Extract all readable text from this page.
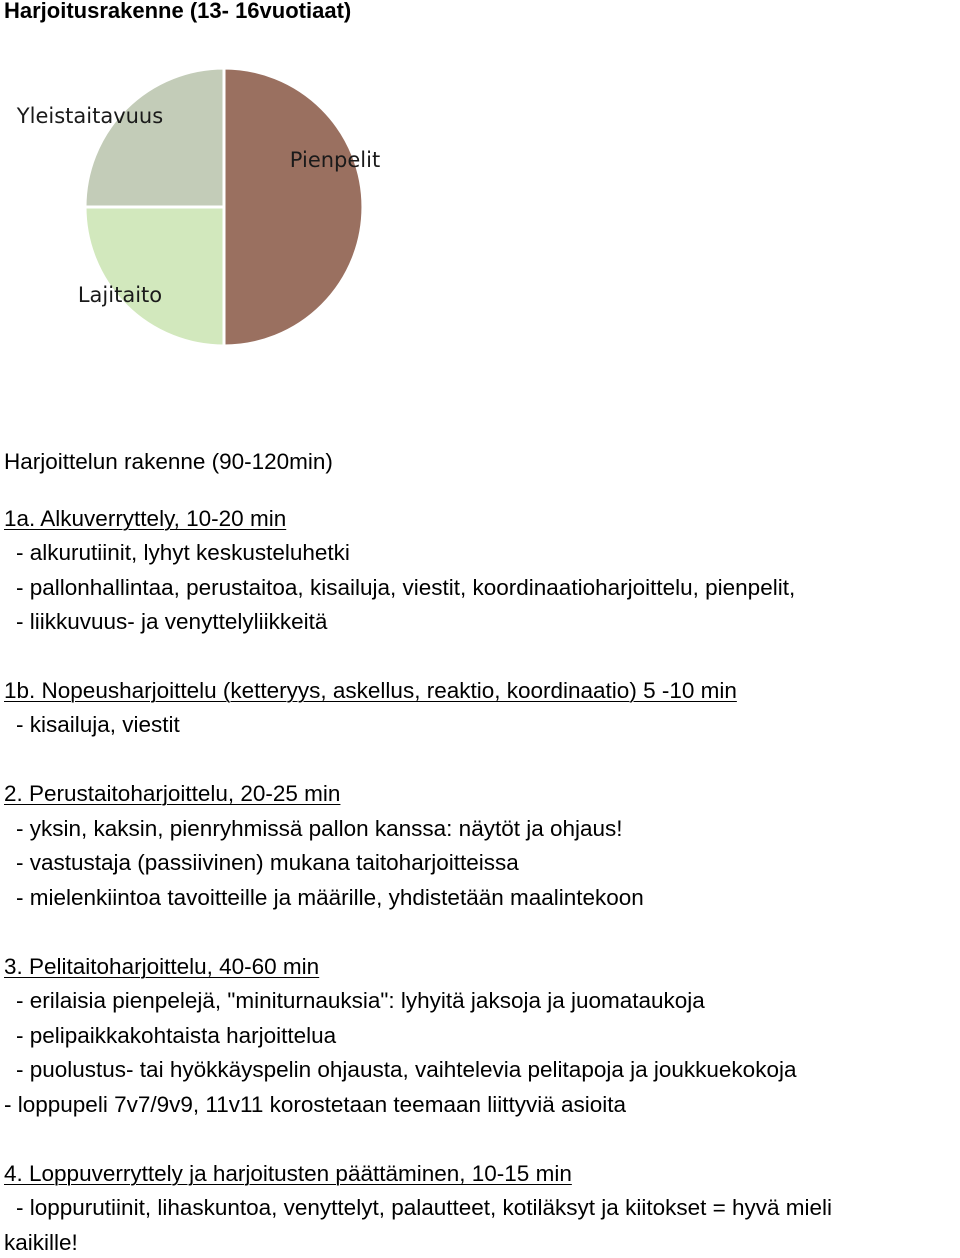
Harjoitusrakenne (13- 16vuotiaat)
Pienpelit
Lajitaito
Yleistaitavuus
Harjoittelun rakenne (90-120min)
1a. Alkuverryttely, 10-20 min
- alkurutiinit, lyhyt keskusteluhetki
- pallonhallintaa, perustaitoa, kisailuja, viestit, koordinaatioharjoittelu, pienpelit,
- liikkuvuus- ja venyttelyliikkeitä
1b. Nopeusharjoittelu (ketteryys, askellus, reaktio, koordinaatio) 5 -10 min
- kisailuja, viestit
2. Perustaitoharjoittelu, 20-25 min
- yksin, kaksin, pienryhmissä pallon kanssa: näytöt ja ohjaus!
- vastustaja (passiivinen) mukana taitoharjoitteissa
- mielenkiintoa tavoitteille ja määrille, yhdistetään maalintekoon
3. Pelitaitoharjoittelu, 40-60 min
- erilaisia pienpelejä, "miniturnauksia": lyhyitä jaksoja ja juomataukoja
- pelipaikkakohtaista harjoittelua
- puolustus- tai hyökkäyspelin ohjausta, vaihtelevia pelitapoja ja joukkuekokoja
- loppupeli 7v7/9v9, 11v11 korostetaan teemaan liittyviä asioita
4. Loppuverryttely ja harjoitusten päättäminen, 10-15 min
- loppurutiinit, lihaskuntoa, venyttelyt, palautteet, kotiläksyt ja kiitokset = hyvä mieli
kaikille!
